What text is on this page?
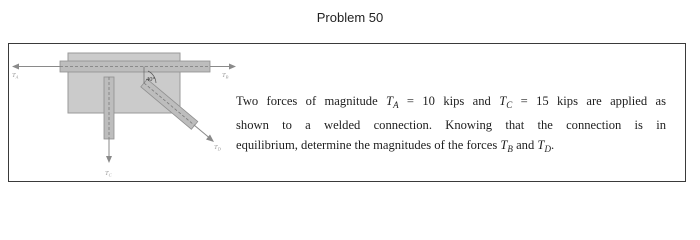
Problem 50
40°
$T_A$	$T_B$
$T_C$
$T_D$
Two forces of magnitude $T_A = 10$ kips and $T_C = 15$ kips are applied as
shown to a welded connection. Knowing that the connection is in
equilibrium, determine the magnitudes of the forces $T_B$ and $T_D$.
